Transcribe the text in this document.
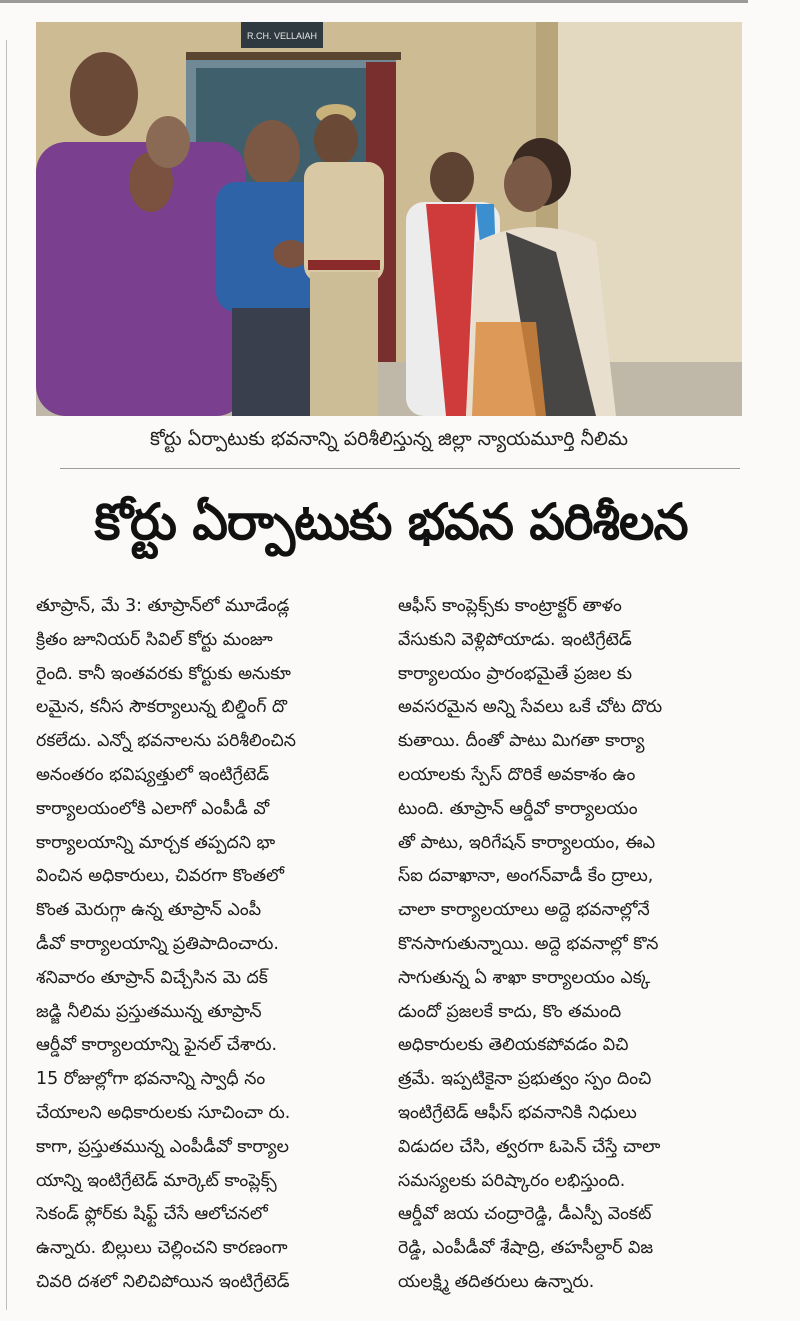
R.CH. VELLAIAH
కోర్టు ఏర్పాటుకు భవనాన్ని పరిశీలిస్తున్న జిల్లా న్యాయమూర్తి నీలిమ
కోర్టు ఏర్పాటుకు భవన పరిశీలన
తూప్రాన్, మే 3: తూప్రాన్‌లో మూడేండ్ల
క్రితం జూనియర్ సివిల్ కోర్టు మంజూ
రైంది. కానీ ఇంతవరకు కోర్టుకు అనుకూ
లమైన, కనీస సౌకర్యాలున్న బిల్డింగ్ దొ
రకలేదు. ఎన్నో భవనాలను పరిశీలించిన
అనంతరం భవిష్యత్తులో ఇంటిగ్రేటెడ్
కార్యాలయంలోకి ఎలాగో ఎంపీడీ వో
కార్యాలయాన్ని మార్చక తప్పదని భా
వించిన అధికారులు, చివరగా కొంతలో
కొంత మెరుగ్గా ఉన్న తూప్రాన్ ఎంపీ
డీవో కార్యాలయాన్ని ప్రతిపాదించారు.
శనివారం తూప్రాన్ విచ్చేసిన మె దక్
జడ్జి నీలిమ ప్రస్తుతమున్న తూప్రాన్
ఆర్డీవో కార్యాలయాన్ని ఫైనల్ చేశారు.
15 రోజుల్లోగా భవనాన్ని స్వాధీ నం
చేయాలని అధికారులకు సూచించా రు.
కాగా, ప్రస్తుతమున్న ఎంపీడీవో కార్యాల
యాన్ని ఇంటిగ్రేటెడ్ మార్కెట్ కాంప్లెక్స్
సెకండ్ ఫ్లోర్‌కు షిఫ్ట్ చేసే ఆలోచనలో
ఉన్నారు. బిల్లులు చెల్లించని కారణంగా
చివరి దశలో నిలిచిపోయిన ఇంటిగ్రేటెడ్
ఆఫీస్ కాంప్లెక్స్‌కు కాంట్రాక్టర్ తాళం
వేసుకుని వెళ్లిపోయాడు. ఇంటిగ్రేటెడ్
కార్యాలయం ప్రారంభమైతే ప్రజల కు
అవసరమైన అన్ని సేవలు ఒకే చోట దొరు
కుతాయి. దీంతో పాటు మిగతా కార్యా
లయాలకు స్పేస్ దొరికే అవకాశం ఉం
టుంది. తూప్రాన్ ఆర్డీవో కార్యాలయం
తో పాటు, ఇరిగేషన్ కార్యాలయం, ఈఎ
స్ఐ దవాఖానా, అంగన్‌వాడీ కేం ద్రాలు,
చాలా కార్యాలయాలు అద్దె భవనాల్లోనే
కొనసాగుతున్నాయి. అద్దె భవనాల్లో కొన
సాగుతున్న ఏ శాఖా కార్యాలయం ఎక్క
డుందో ప్రజలకే కాదు, కొం తమంది
అధికారులకు తెలియకపోవడం విచి
త్రమే. ఇప్పటికైనా ప్రభుత్వం స్పం దించి
ఇంటిగ్రేటెడ్ ఆఫీస్ భవనానికి నిధులు
విడుదల చేసి, త్వరగా ఓపెన్ చేస్తే చాలా
సమస్యలకు పరిష్కారం లభిస్తుంది.
ఆర్డీవో జయ చంద్రారెడ్డి, డీఎస్పీ వెంకట్
రెడ్డి, ఎంపీడీవో శేషాద్రి, తహసీల్దార్ విజ
యలక్ష్మి తదితరులు ఉన్నారు.
